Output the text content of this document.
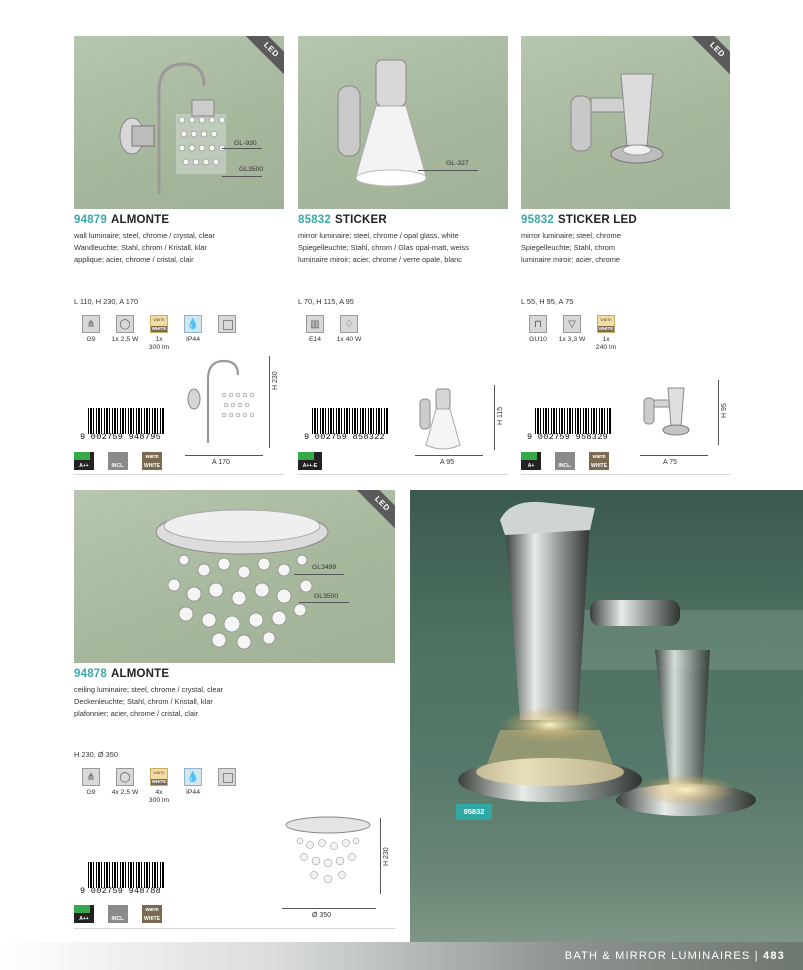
LED
GL-930
GL3500
94879 ALMONTE
wall luminaire; steel, chrome / crystal, clear
Wandleuchte; Stahl, chrom / Kristall, klar
applique; acier, chrome / cristal, clair
L 110, H 230, A 170
⋔
G9
◯
1x 2,5 W
warm
WHITE
1x
300 lm
💧
IP44
H 230
A 170
9 002759 948795
A++	INCL.
warm
WHITE
GL-327
85832 STICKER
mirror luminaire; steel, chrome / opal glass, white
Spiegelleuchte; Stahl, chrom / Glas opal-matt, weiss
luminaire miroir; acier, chrome / verre opale, blanc
L 70, H 115, A 95
▥
E14
♢
1x 40 W
H 115
A 95
9 002759 858322
A++-E
LED
95832 STICKER LED
mirror luminaire; steel, chrome
Spiegelleuchte; Stahl, chrom
luminaire miroir; acier, chrome
L 55, H 95, A 75
⊓
GU10
▽
1x 3,3 W
warm
WHITE
1x
240 lm
H 95
A 75
9 002759 958329
A+	INCL.
warm
WHITE
LED
GL3499
GL3500
94878 ALMONTE
ceiling luminaire; steel, chrome / crystal, clear
Deckenleuchte; Stahl, chrom / Kristall, klar
plafonnier; acier, chrome / cristal, clair
H 230, Ø 350
⋔
G9
◯
4x 2,5 W
warm
WHITE
4x
300 lm
💧
IP44
H 230
Ø 350
9 002759 948788
A++	INCL.
warm
WHITE
95832
BATH & MIRROR LUMINAIRES | 483
